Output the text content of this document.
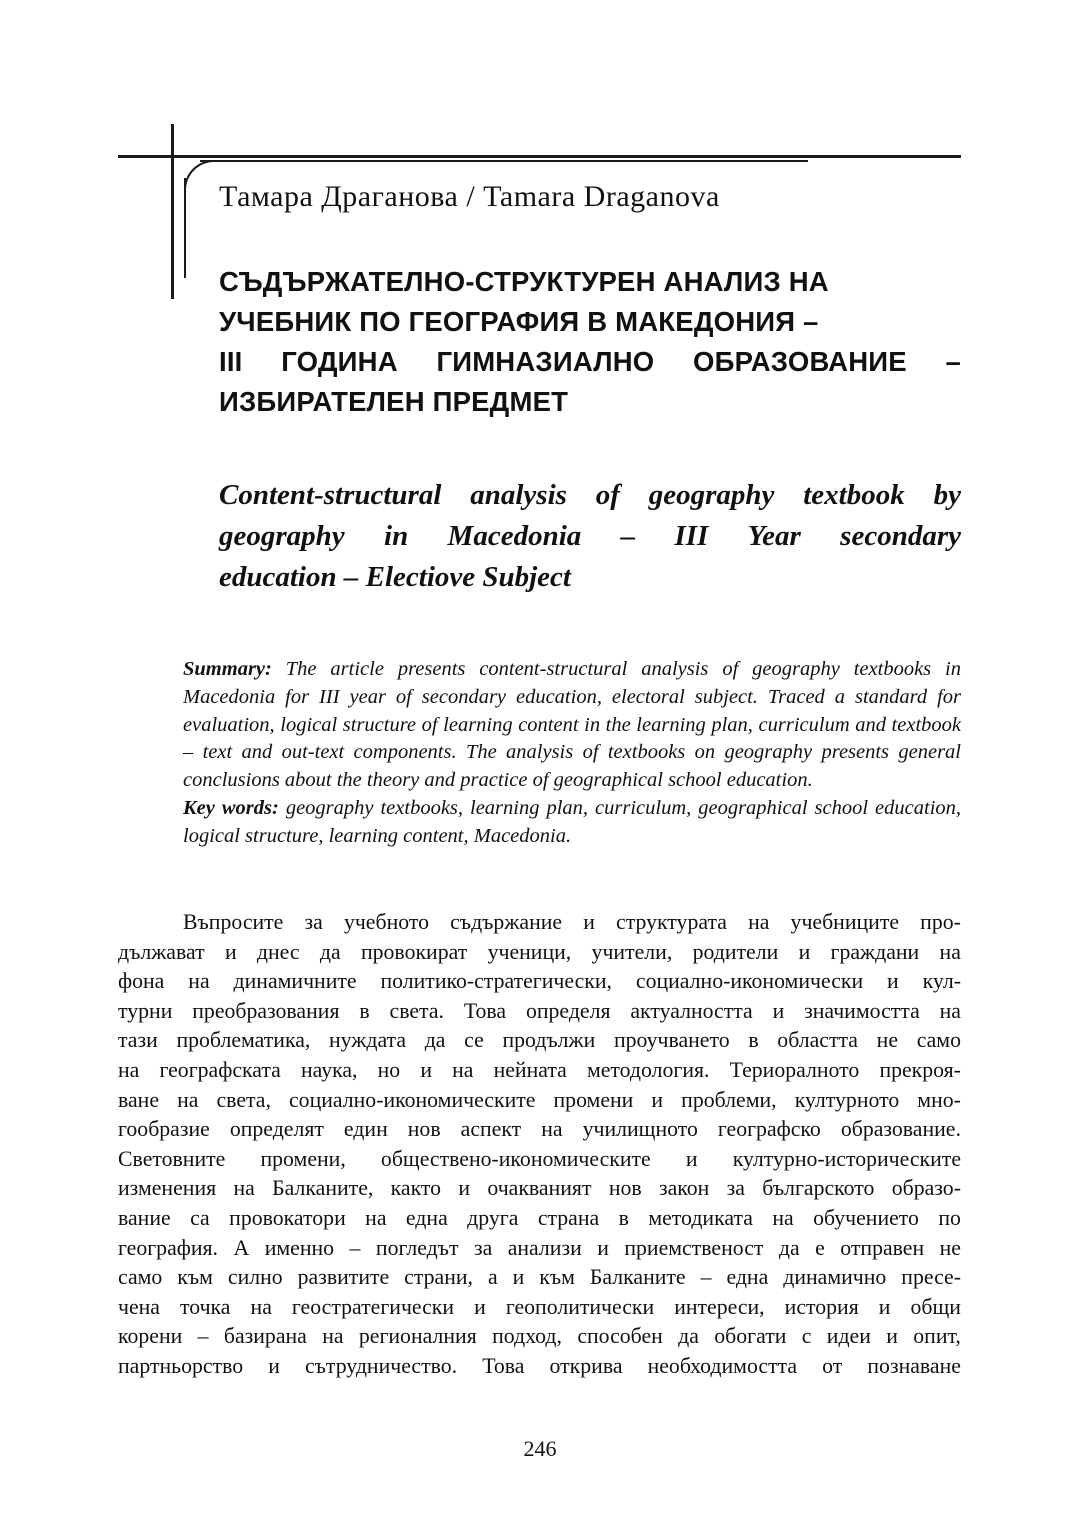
Тамара Драганова / Tamara Draganova
СЪДЪРЖАТЕЛНО-СТРУКТУРЕН АНАЛИЗ НА
УЧЕБНИК ПО ГЕОГРАФИЯ В МАКЕДОНИЯ –
III ГОДИНА ГИМНАЗИАЛНО ОБРАЗОВАНИЕ –
ИЗБИРАТЕЛЕН ПРЕДМЕТ
Content-structural analysis of geography textbook by
geography in Macedonia – III Year secondary
education – Electiove Subject

Summary: The article presents content-structural analysis of geography textbooks in Macedonia for III year of secondary education, electoral subject. Traced a standard for evaluation, logical structure of learning content in the learning plan, curriculum and textbook – text and out-text components. The analysis of textbooks on geography presents general conclusions about the theory and practice of geographical school education.

Key words: geography textbooks, learning plan, curriculum, geographical school education, logical structure, learning content, Macedonia.

Въпросите за учебното съдържание и структурата на учебниците про-
дължават и днес да провокират ученици, учители, родители и граждани на
фона на динамичните политико-стратегически, социално-икономически и кул-
турни преобразования в света. Това определя актуалността и значимостта на
тази проблематика, нуждата да се продължи проучването в областта не само
на географската наука, но и на нейната методология. Териоралното прекроя-
ване на света, социално-икономическите промени и проблеми, културното мно-
гообразие определят един нов аспект на училищното географско образование.
Световните промени, обществено-икономическите и културно-историческите
изменения на Балканите, както и очакваният нов закон за българското образо-
вание са провокатори на една друга страна в методиката на обучението по
география. А именно – погледът за анализи и приемственост да е отправен не
само към силно развитите страни, а и към Балканите – една динамично пресе-
чена точка на геостратегически и геополитически интереси, история и общи
корени – базирана на регионалния подход, способен да обогати с идеи и опит,
партньорство и сътрудничество. Това открива необходимостта от познаване
246
